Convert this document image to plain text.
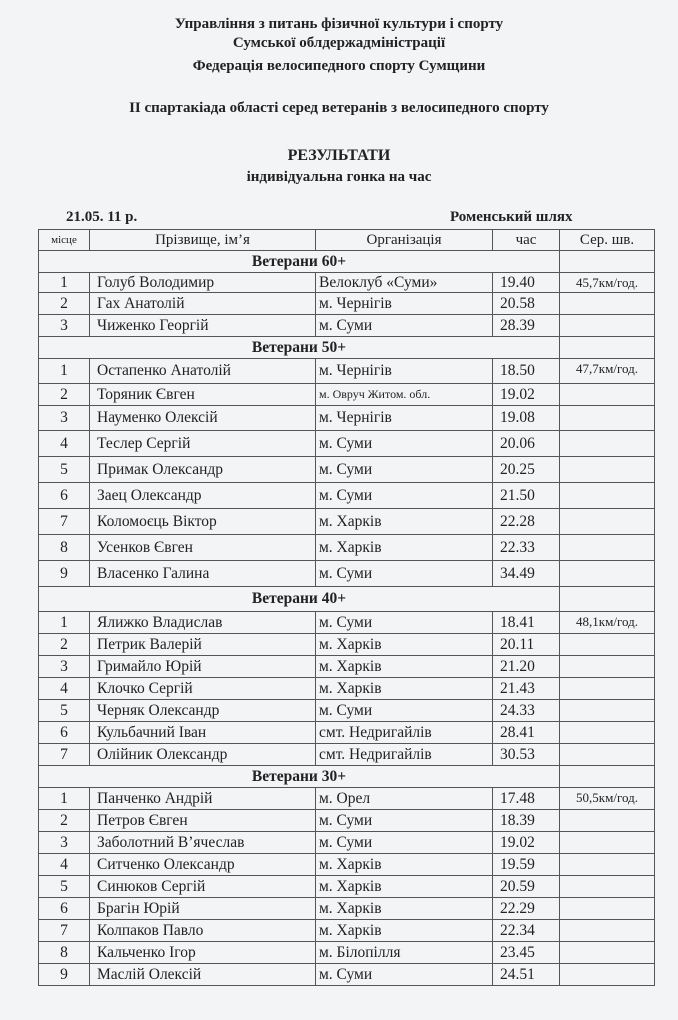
Управління з питань фізичної культури і спорту
Сумської облдержадміністрації
Федерація велосипедного спорту Сумщини
ІІ спартакіада області серед ветеранів з велосипедного спорту
РЕЗУЛЬТАТИ
індивідуальна гонка на час
21.05. 11 р.	Роменський шлях
місце	Прізвище, ім’я	Організація	час	Сер. шв.
Ветерани 60+				
1	Голуб Володимир	Велоклуб «Суми»	19.40	45,7км/год.
2	Гах Анатолій	м. Чернігів	20.58	
3	Чиженко Георгій	м. Суми	28.39	
Ветерани 50+				
1	Остапенко Анатолій	м. Чернігів	18.50	47,7км/год.
2	Торяник Євген	м. Овруч Житом. обл.	19.02	
3	Науменко Олексій	м. Чернігів	19.08	
4	Теслер Сергій	м. Суми	20.06	
5	Примак Олександр	м. Суми	20.25	
6	Заец Олександр	м. Суми	21.50	
7	Коломоєць Віктор	м. Харків	22.28	
8	Усенков Євген	м. Харків	22.33	
9	Власенко Галина	м. Суми	34.49	
Ветерани 40+				
1	Ялижко Владислав	м. Суми	18.41	48,1км/год.
2	Петрик Валерій	м. Харків	20.11	
3	Гримайло Юрій	м. Харків	21.20	
4	Клочко Сергій	м. Харків	21.43	
5	Черняк Олександр	м. Суми	24.33	
6	Кульбачний Іван	смт. Недригайлів	28.41	
7	Олійник Олександр	смт. Недригайлів	30.53	
Ветерани 30+				
1	Панченко Андрій	м. Орел	17.48	50,5км/год.
2	Петров Євген	м. Суми	18.39	
3	Заболотний В’ячеслав	м. Суми	19.02	
4	Ситченко Олександр	м. Харків	19.59	
5	Синюков Сергій	м. Харків	20.59	
6	Брагін Юрій	м. Харків	22.29	
7	Колпаков Павло	м. Харків	22.34	
8	Кальченко Ігор	м. Білопілля	23.45	
9	Маслій Олексій	м. Суми	24.51	
